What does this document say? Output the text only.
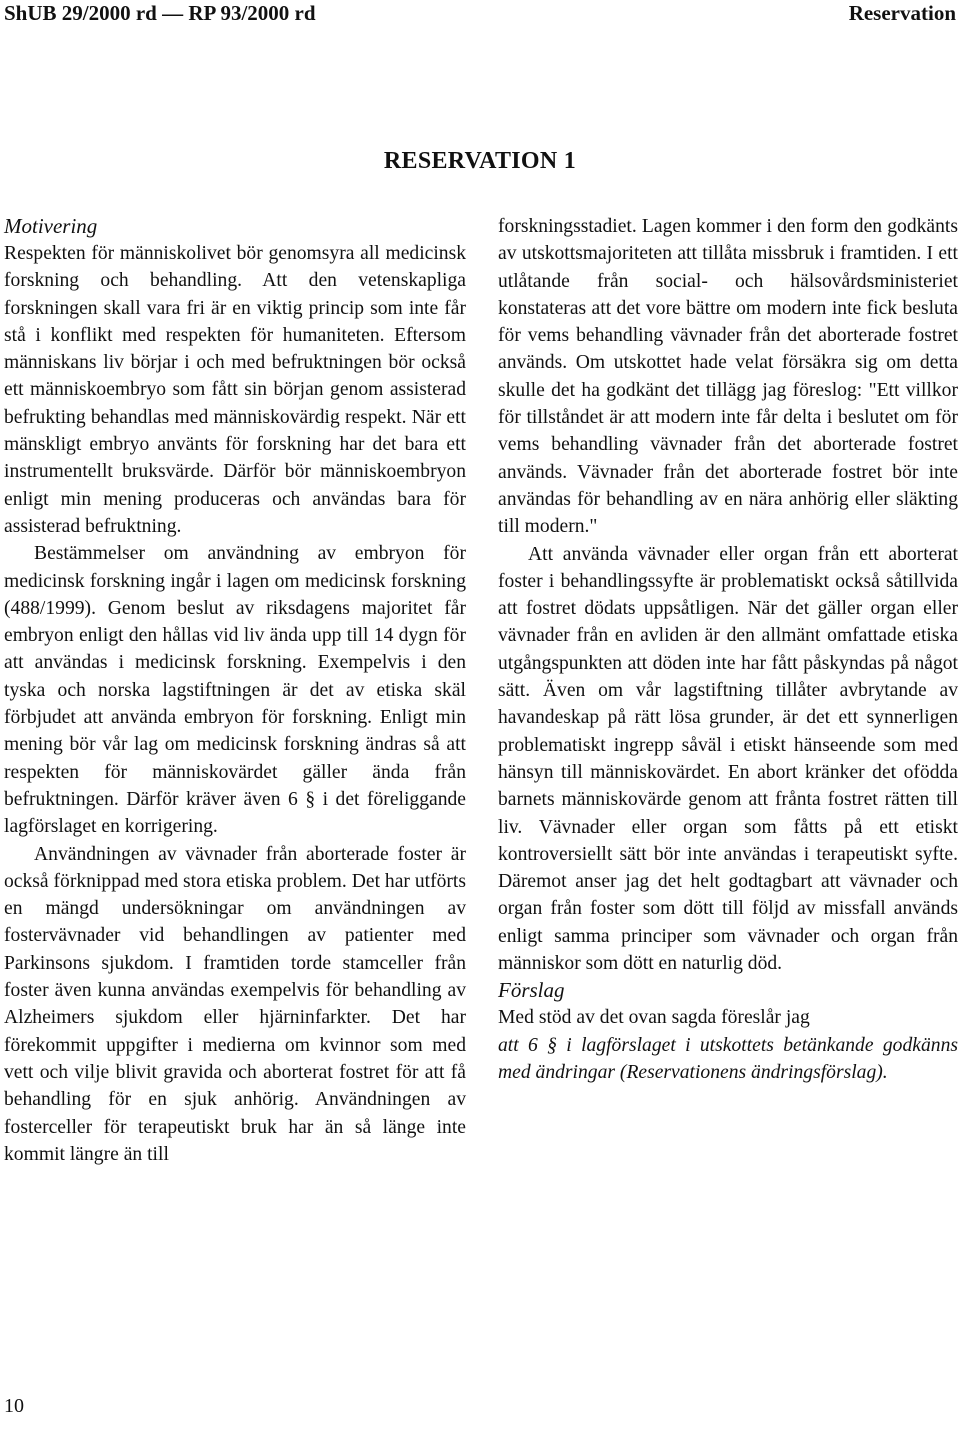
ShUB 29/2000 rd — RP 93/2000 rd	Reservation
RESERVATION 1

Motivering

Respekten för människolivet bör genomsyra all medicinsk forskning och behandling. Att den vetenskapliga forskningen skall vara fri är en viktig princip som inte får stå i konflikt med respekten för humaniteten. Eftersom människans liv börjar i och med befruktningen bör också ett människoembryo som fått sin början genom assisterad befrukting behandlas med människovärdig respekt. När ett mänskligt embryo använts för forskning har det bara ett instrumentellt bruksvärde. Därför bör människoembryon enligt min mening produceras och användas bara för assisterad befruktning.

Bestämmelser om användning av embryon för medicinsk forskning ingår i lagen om medicinsk forskning (488/1999). Genom beslut av riksdagens majoritet får embryon enligt den hållas vid liv ända upp till 14 dygn för att användas i medicinsk forskning. Exempelvis i den tyska och norska lagstiftningen är det av etiska skäl förbjudet att använda embryon för forskning. Enligt min mening bör vår lag om medicinsk forskning ändras så att respekten för människovärdet gäller ända från befruktningen. Därför kräver även 6 § i det föreliggande lagförslaget en korrigering.

Användningen av vävnader från aborterade foster är också förknippad med stora etiska problem. Det har utförts en mängd undersökningar om användningen av fostervävnader vid behandlingen av patienter med Parkinsons sjukdom. I framtiden torde stamceller från foster även kunna användas exempelvis för behandling av Alzheimers sjukdom eller hjärninfarkter. Det har förekommit uppgifter i medierna om kvinnor som med vett och vilje blivit gravida och aborterat fostret för att få behandling för en sjuk anhörig. Användningen av fosterceller för terapeutiskt bruk har än så länge inte kommit längre än till

forskningsstadiet. Lagen kommer i den form den godkänts av utskottsmajoriteten att tillåta missbruk i framtiden. I ett utlåtande från social- och hälsovårdsministeriet konstateras att det vore bättre om modern inte fick besluta för vems behandling vävnader från det aborterade fostret används. Om utskottet hade velat försäkra sig om detta skulle det ha godkänt det tillägg jag föreslog: "Ett villkor för tillståndet är att modern inte får delta i beslutet om för vems behandling vävnader från det aborterade fostret används. Vävnader från det aborterade fostret bör inte användas för behandling av en nära anhörig eller släkting till modern."

Att använda vävnader eller organ från ett aborterat foster i behandlingssyfte är problematiskt också såtillvida att fostret dödats uppsåtligen. När det gäller organ eller vävnader från en avliden är den allmänt omfattade etiska utgångspunkten att döden inte har fått påskyndas på något sätt. Även om vår lagstiftning tillåter avbrytande av havandeskap på rätt lösa grunder, är det ett synnerligen problematiskt ingrepp såväl i etiskt hänseende som med hänsyn till människovärdet. En abort kränker det ofödda barnets människovärde genom att frånta fostret rätten till liv. Vävnader eller organ som fåtts på ett etiskt kontroversiellt sätt bör inte användas i terapeutiskt syfte. Däremot anser jag det helt godtagbart att vävnader och organ från foster som dött till följd av missfall används enligt samma principer som vävnader och organ från människor som dött en naturlig död.

Förslag

Med stöd av det ovan sagda föreslår jag

att 6 § i lagförslaget i utskottets betänkande godkänns med ändringar (Reservationens ändringsförslag).

10
